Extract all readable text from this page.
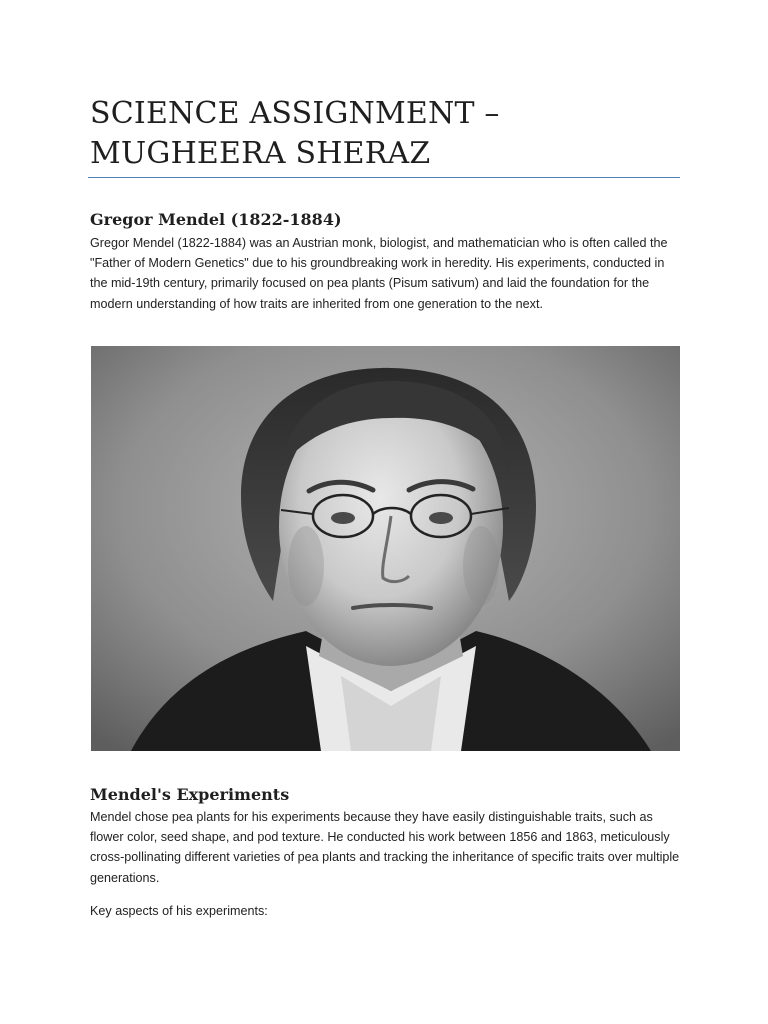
SCIENCE ASSIGNMENT – MUGHEERA SHERAZ
Gregor Mendel (1822-1884)

Gregor Mendel (1822-1884) was an Austrian monk, biologist, and mathematician who is often called the "Father of Modern Genetics" due to his groundbreaking work in heredity. His experiments, conducted in the mid-19th century, primarily focused on pea plants (Pisum sativum) and laid the foundation for the modern understanding of how traits are inherited from one generation to the next.

Mendel's Experiments

Mendel chose pea plants for his experiments because they have easily distinguishable traits, such as flower color, seed shape, and pod texture. He conducted his work between 1856 and 1863, meticulously cross-pollinating different varieties of pea plants and tracking the inheritance of specific traits over multiple generations.

Key aspects of his experiments:
